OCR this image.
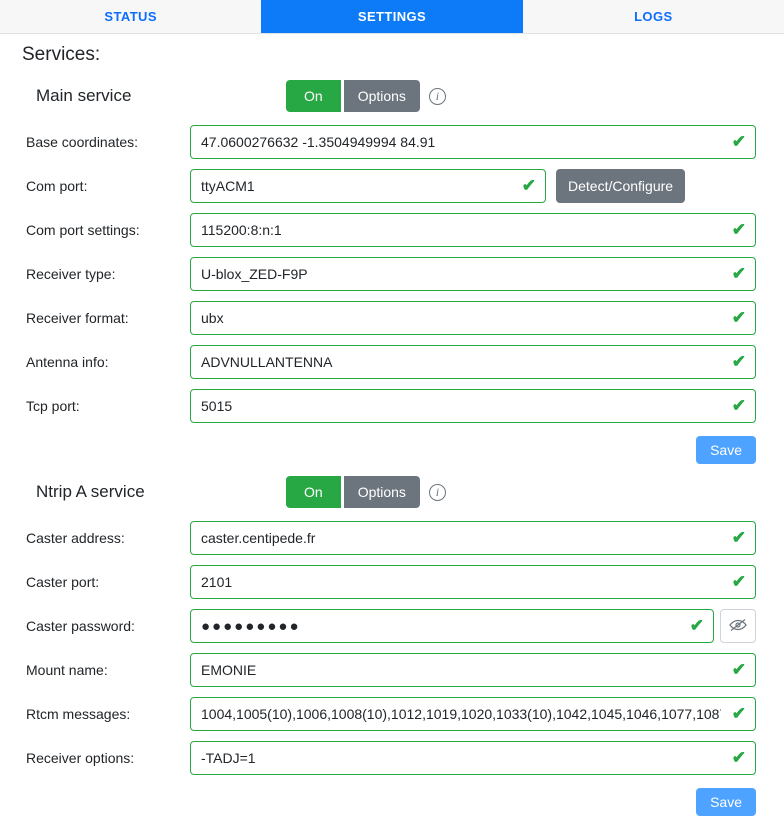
STATUS	SETTINGS	LOGS
Services:
Main service	On	Options	i
Base coordinates:
47.0600276632 -1.3504949994 84.91	✔
Com port:
ttyACM1	✔	Detect/Configure
Com port settings:
115200:8:n:1	✔
Receiver type:
U-blox_ZED-F9P	✔
Receiver format:
ubx	✔
Antenna info:
ADVNULLANTENNA	✔
Tcp port:
5015	✔
Save
Ntrip A service	On	Options	i
Caster address:
caster.centipede.fr	✔
Caster port:
2101	✔
Caster password:
●●●●●●●●●	✔
Mount name:
EMONIE	✔
Rtcm messages:
1004,1005(10),1006,1008(10),1012,1019,1020,1033(10),1042,1045,1046,1077,1087,1097,110	✔
Receiver options:
-TADJ=1	✔
Save
